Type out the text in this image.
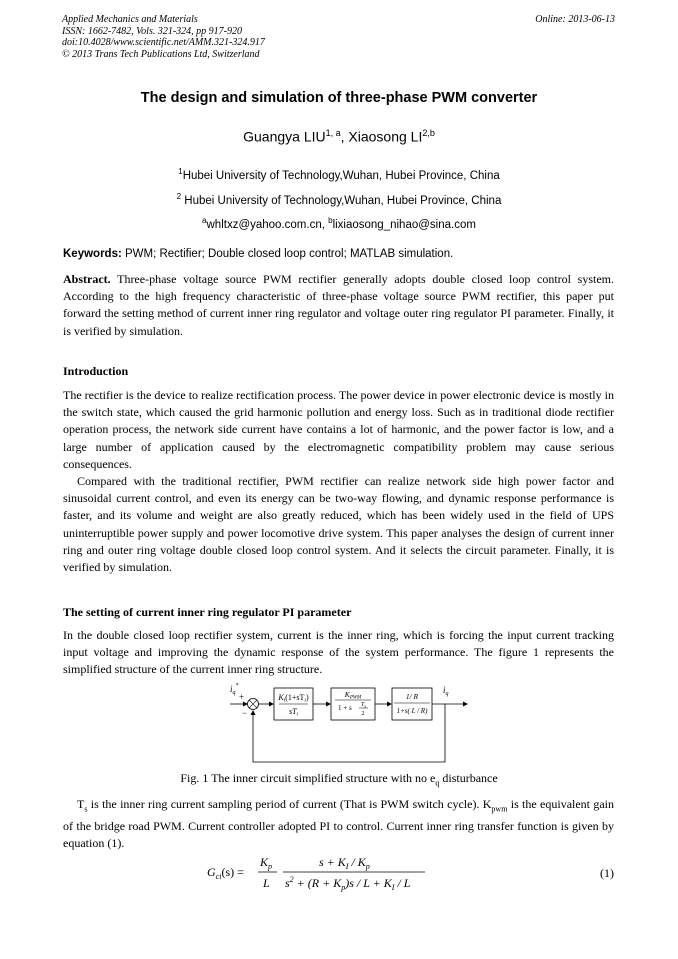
Applied Mechanics and Materials
ISSN: 1662-7482, Vols. 321-324, pp 917-920
doi:10.4028/www.scientific.net/AMM.321-324.917
© 2013 Trans Tech Publications Ltd, Switzerland
Online: 2013-06-13
The design and simulation of three-phase PWM converter
Guangya LIU$^{1, a}$, Xiaosong LI$^{2,b}$
$^1$Hubei University of Technology,Wuhan, Hubei Province, China
$^2$ Hubei University of Technology,Wuhan, Hubei Province, China
$^a$whltxz@yahoo.com.cn, $^b$lixiaosong_nihao@sina.com
Keywords: PWM; Rectifier; Double closed loop control; MATLAB simulation.

Abstract. Three-phase voltage source PWM rectifier generally adopts double closed loop control system. According to the high frequency characteristic of three-phase voltage source PWM rectifier, this paper put forward the setting method of current inner ring regulator and voltage outer ring regulator PI parameter. Finally, it is verified by simulation.

Introduction

The rectifier is the device to realize rectification process. The power device in power electronic device is mostly in the switch state, which caused the grid harmonic pollution and energy loss. Such as in traditional diode rectifier operation process, the network side current have contains a lot of harmonic, and the power factor is low, and a large number of application caused by the electromagnetic compatibility problem may cause serious consequences.

Compared with the traditional rectifier, PWM rectifier can realize network side high power factor and sinusoidal current control, and even its energy can be two-way flowing, and dynamic response performance is faster, and its volume and weight are also greatly reduced, which has been widely used in the field of UPS uninterruptible power supply and power locomotive drive system. This paper analyses the design of current inner ring and outer ring voltage double closed loop control system. And it selects the circuit parameter. Finally, it is verified by simulation.

The setting of current inner ring regulator PI parameter

In the double closed loop rectifier system, current is the inner ring, which is forcing the input current tracking input voltage and improving the dynamic response of the system performance. The figure 1 represents the simplified structure of the current inner ring structure.

$i_q^*$
+
−
Ki(1+sTi)
sTi
$K_{PWM}$
1 + s $T_s$
2
1/ R
1+s( L / R)
$i_q$
Fig. 1 The inner circuit simplified structure with no $e_q$ disturbance

$T_s$ is the inner ring current sampling period of current (That is PWM switch cycle). $K_{pwm}$ is the equivalent gain of the bridge road PWM. Current controller adopted PI to control. Current inner ring transfer function is given by equation (1).

$G_{ci}(s)$ =
$K_p$
L
$s + K_I / K_p$
$s^2 + (R + K_p)s / L + K_I / L$
(1)
